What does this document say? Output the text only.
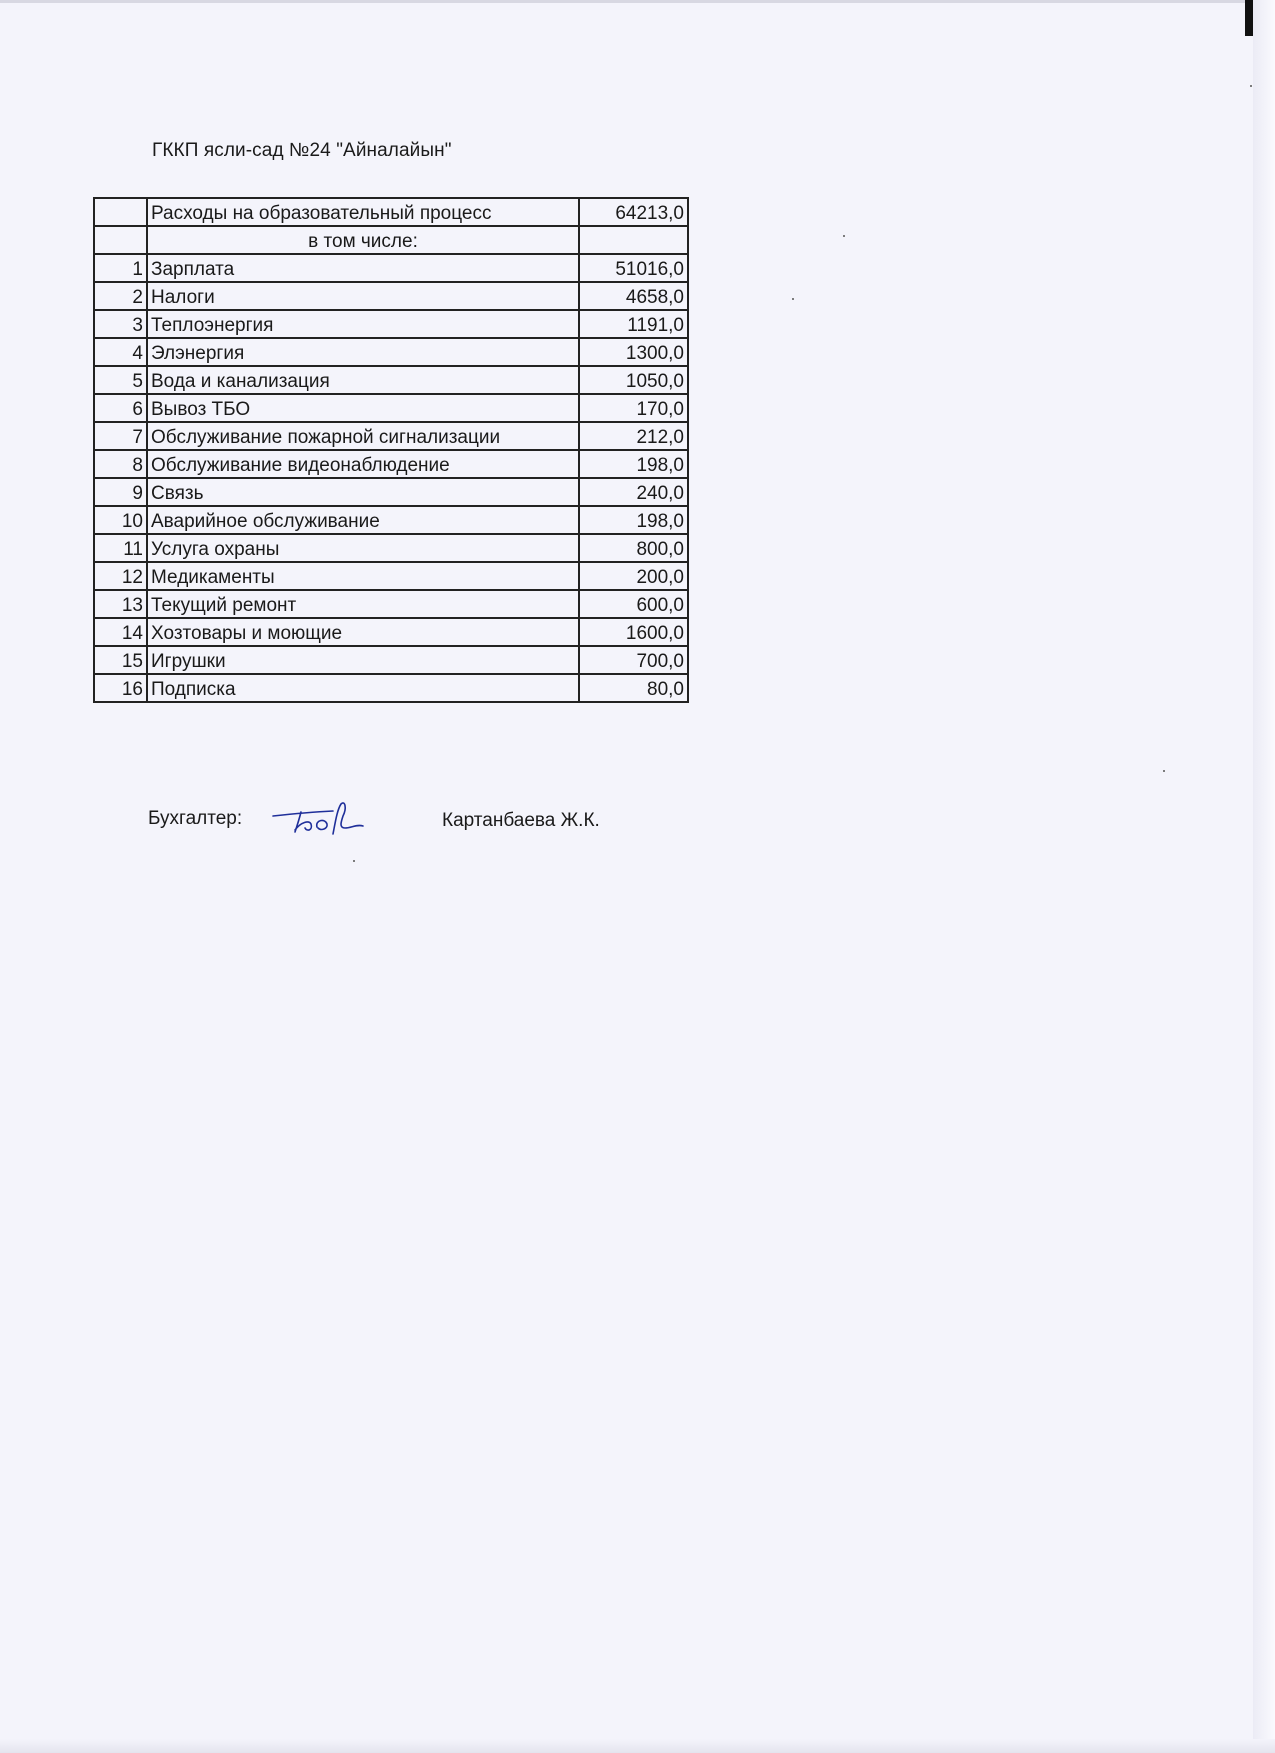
ГККП ясли-сад №24 "Айналайын"
	Расходы на образовательный процесс	64213,0
	в том числе:	
1	Зарплата	51016,0
2	Налоги	4658,0
3	Теплоэнергия	1191,0
4	Элэнергия	1300,0
5	Вода и канализация	1050,0
6	Вывоз ТБО	170,0
7	Обслуживание пожарной сигнализации	212,0
8	Обслуживание видеонаблюдение	198,0
9	Связь	240,0
10	Аварийное обслуживание	198,0
11	Услуга охраны	800,0
12	Медикаменты	200,0
13	Текущий ремонт	600,0
14	Хозтовары и моющие	1600,0
15	Игрушки	700,0
16	Подписка	80,0
Бухгалтер:	Картанбаева Ж.К.
